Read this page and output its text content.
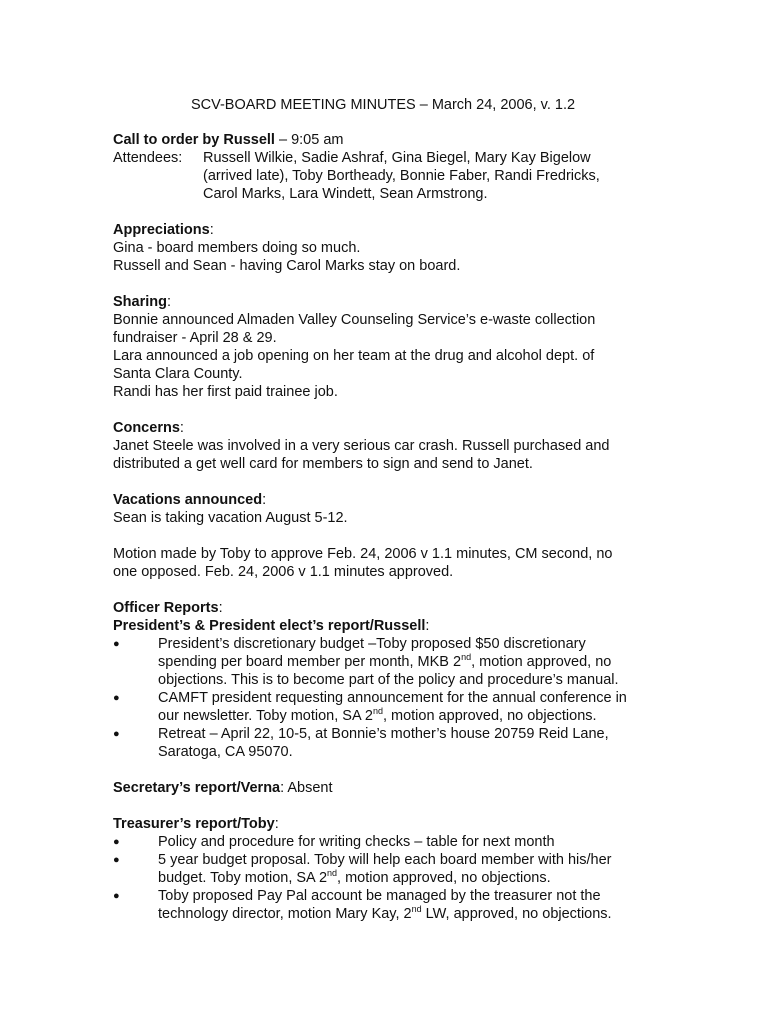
SCV-BOARD MEETING MINUTES – March 24, 2006, v. 1.2
Call to order by Russell – 9:05 am
Attendees:	Russell Wilkie, Sadie Ashraf, Gina Biegel, Mary Kay Bigelow
(arrived late), Toby Bortheady, Bonnie Faber, Randi Fredricks,
Carol Marks, Lara Windett, Sean Armstrong.
Appreciations:
Gina - board members doing so much.
Russell and Sean - having Carol Marks stay on board.
Sharing:
Bonnie announced Almaden Valley Counseling Service’s e-waste collection
fundraiser - April 28 & 29.
Lara announced a job opening on her team at the drug and alcohol dept. of
Santa Clara County.
Randi has her first paid trainee job.
Concerns:
Janet Steele was involved in a very serious car crash. Russell purchased and
distributed a get well card for members to sign and send to Janet.
Vacations announced:
Sean is taking vacation August 5-12.
Motion made by Toby to approve Feb. 24, 2006 v 1.1 minutes, CM second, no
one opposed. Feb. 24, 2006 v 1.1 minutes approved.
Officer Reports:
President’s & President elect’s report/Russell:
●	President’s discretionary budget –Toby proposed $50 discretionary
spending per board member per month, MKB 2nd, motion approved, no
objections. This is to become part of the policy and procedure’s manual.
●	CAMFT president requesting announcement for the annual conference in
our newsletter. Toby motion, SA 2nd, motion approved, no objections.
●	Retreat – April 22, 10-5, at Bonnie’s mother’s house 20759 Reid Lane,
Saratoga, CA 95070.
Secretary’s report/Verna: Absent
Treasurer’s report/Toby:
●	Policy and procedure for writing checks – table for next month
●	5 year budget proposal. Toby will help each board member with his/her
budget. Toby motion, SA 2nd, motion approved, no objections.
●	Toby proposed Pay Pal account be managed by the treasurer not the
technology director, motion Mary Kay, 2nd LW, approved, no objections.
